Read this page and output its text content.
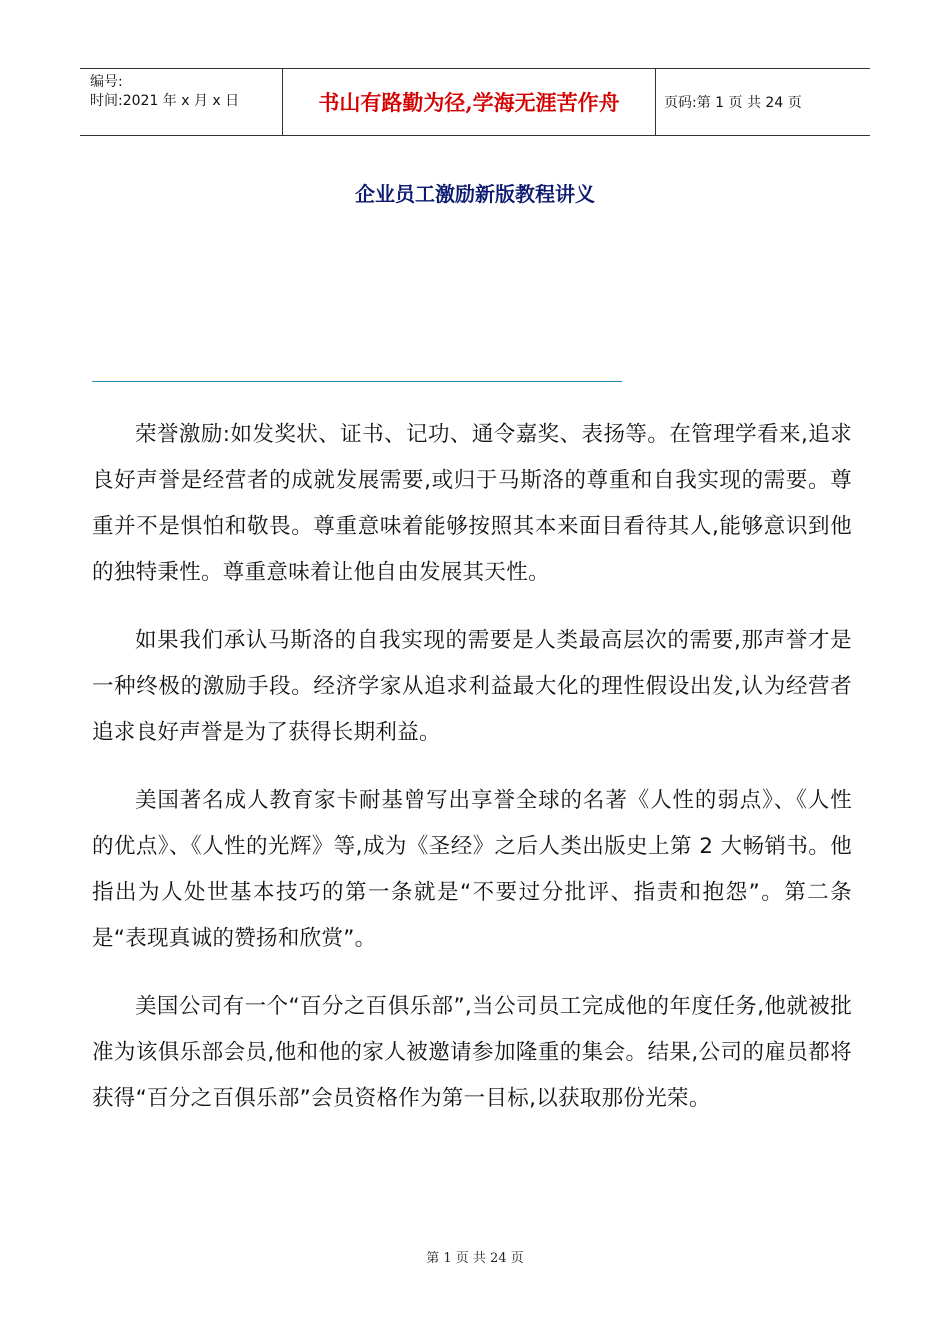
编号:
时间:2021 年 x 月 x 日	书山有路勤为径,学海无涯苦作舟	页码:第 1 页 共 24 页
企业员工激励新版教程讲义

荣誉激励:如发奖状、证书、记功、通令嘉奖、表扬等。在管理学看来,追求良好声誉是经营者的成就发展需要,或归于马斯洛的尊重和自我实现的需要。尊重并不是惧怕和敬畏。尊重意味着能够按照其本来面目看待其人,能够意识到他的独特秉性。尊重意味着让他自由发展其天性。

如果我们承认马斯洛的自我实现的需要是人类最高层次的需要,那声誉才是一种终极的激励手段。经济学家从追求利益最大化的理性假设出发,认为经营者追求良好声誉是为了获得长期利益。

美国著名成人教育家卡耐基曾写出享誉全球的名著《人性的弱点》、《人性的优点》、《人性的光辉》等,成为《圣经》之后人类出版史上第 2 大畅销书。他指出为人处世基本技巧的第一条就是“不要过分批评、指责和抱怨”。第二条是“表现真诚的赞扬和欣赏”。

美国公司有一个“百分之百俱乐部”,当公司员工完成他的年度任务,他就被批准为该俱乐部会员,他和他的家人被邀请参加隆重的集会。结果,公司的雇员都将获得“百分之百俱乐部”会员资格作为第一目标,以获取那份光荣。

第 1 页 共 24 页
